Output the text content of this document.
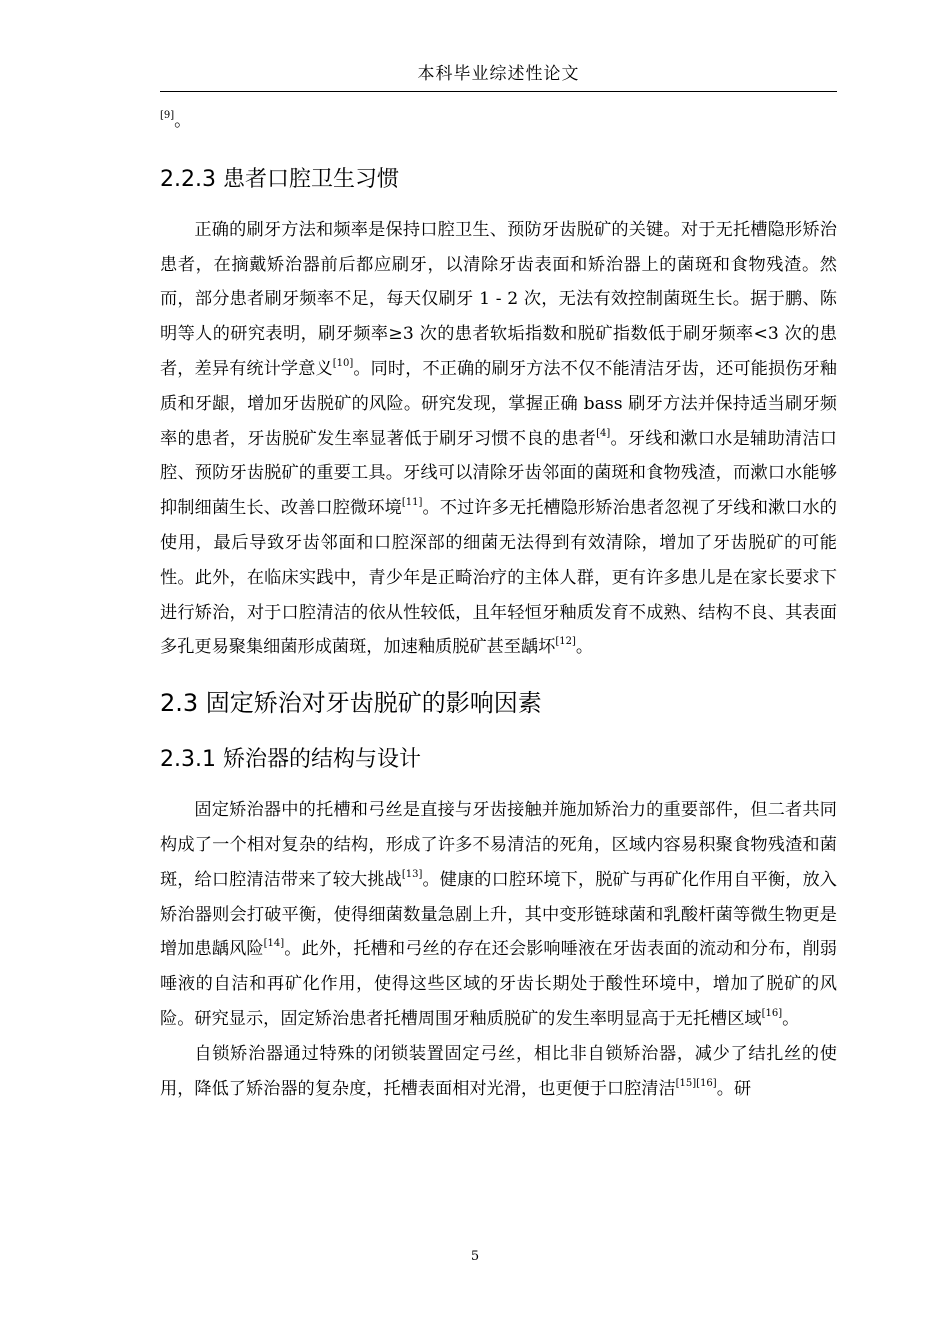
本科毕业综述性论文

[9]。

2.2.3 患者口腔卫生习惯

正确的刷牙方法和频率是保持口腔卫生、预防牙齿脱矿的关键。对于无托槽隐形矫治患者，在摘戴矫治器前后都应刷牙，以清除牙齿表面和矫治器上的菌斑和食物残渣。然而，部分患者刷牙频率不足，每天仅刷牙 1 - 2 次，无法有效控制菌斑生长。据于鹏、陈明等人的研究表明，刷牙频率≥3 次的患者软垢指数和脱矿指数低于刷牙频率<3 次的患者，差异有统计学意义[10]。同时，不正确的刷牙方法不仅不能清洁牙齿，还可能损伤牙釉质和牙龈，增加牙齿脱矿的风险。研究发现，掌握正确 bass 刷牙方法并保持适当刷牙频率的患者，牙齿脱矿发生率显著低于刷牙习惯不良的患者[4]。牙线和漱口水是辅助清洁口腔、预防牙齿脱矿的重要工具。牙线可以清除牙齿邻面的菌斑和食物残渣，而漱口水能够抑制细菌生长、改善口腔微环境[11]。不过许多无托槽隐形矫治患者忽视了牙线和漱口水的使用，最后导致牙齿邻面和口腔深部的细菌无法得到有效清除，增加了牙齿脱矿的可能性。此外，在临床实践中，青少年是正畸治疗的主体人群，更有许多患儿是在家长要求下进行矫治，对于口腔清洁的依从性较低，且年轻恒牙釉质发育不成熟、结构不良、其表面多孔更易聚集细菌形成菌斑，加速釉质脱矿甚至龋坏[12]。

2.3 固定矫治对牙齿脱矿的影响因素
2.3.1 矫治器的结构与设计

固定矫治器中的托槽和弓丝是直接与牙齿接触并施加矫治力的重要部件，但二者共同构成了一个相对复杂的结构，形成了许多不易清洁的死角，区域内容易积聚食物残渣和菌斑，给口腔清洁带来了较大挑战[13]。健康的口腔环境下，脱矿与再矿化作用自平衡，放入矫治器则会打破平衡，使得细菌数量急剧上升，其中变形链球菌和乳酸杆菌等微生物更是增加患龋风险[14]。此外，托槽和弓丝的存在还会影响唾液在牙齿表面的流动和分布，削弱唾液的自洁和再矿化作用，使得这些区域的牙齿长期处于酸性环境中，增加了脱矿的风险。研究显示，固定矫治患者托槽周围牙釉质脱矿的发生率明显高于无托槽区域[16]。

自锁矫治器通过特殊的闭锁装置固定弓丝，相比非自锁矫治器，减少了结扎丝的使用，降低了矫治器的复杂度，托槽表面相对光滑，也更便于口腔清洁[15][16]。研

5
